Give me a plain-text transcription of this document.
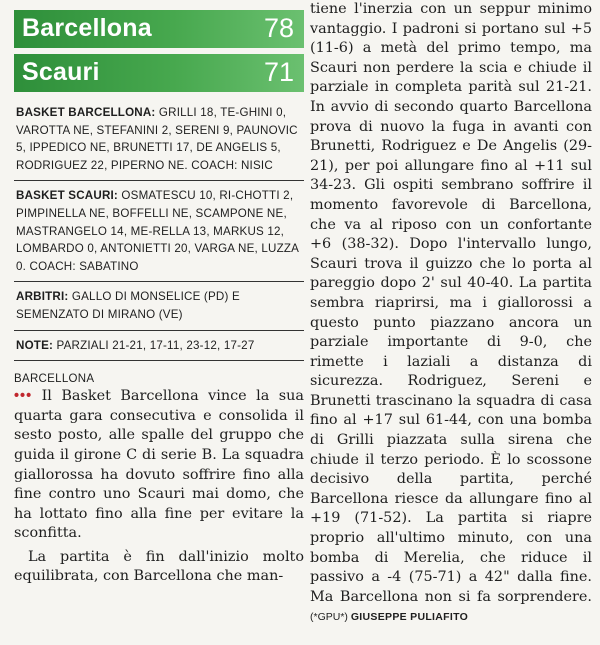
Barcellona	78
Scauri	71
BASKET BARCELLONA: GRILLI 18, TE-GHINI 0, VAROTTA NE, STEFANINI 2, SERENI 9, PAUNOVIC 5, IPPEDICO NE, BRUNETTI 17, DE ANGELIS 5, RODRIGUEZ 22, PIPERNO NE. COACH: NISIC
BASKET SCAURI: OSMATESCU 10, RI-CHOTTI 2, PIMPINELLA NE, BOFFELLI NE, SCAMPONE NE, MASTRANGELO 14, ME-RELLA 13, MARKUS 12, LOMBARDO 0, ANTONIETTI 20, VARGA NE, LUZZA 0. COACH: SABATINO
ARBITRI: GALLO DI MONSELICE (PD) E SEMENZATO DI MIRANO (VE)
NOTE: PARZIALI 21-21, 17-11, 23-12, 17-27
BARCELLONA

••• Il Basket Barcellona vince la sua quarta gara consecutiva e consolida il sesto posto, alle spalle del gruppo che guida il girone C di serie B. La squadra giallorossa ha dovuto soffrire fino alla fine contro uno Scauri mai domo, che ha lottato fino alla fine per evitare la sconfitta.

La partita è fin dall'inizio molto equilibrata, con Barcellona che man-

tiene l'inerzia con un seppur minimo vantaggio. I padroni si portano sul +5 (11-6) a metà del primo tempo, ma Scauri non perdere la scia e chiude il parziale in completa parità sul 21-21. In avvio di secondo quarto Barcellona prova di nuovo la fuga in avanti con Brunetti, Rodriguez e De Angelis (29-21), per poi allungare fino al +11 sul 34-23. Gli ospiti sembrano soffrire il momento favorevole di Barcellona, che va al riposo con un confortante +6 (38-32). Dopo l'intervallo lungo, Scauri trova il guizzo che lo porta al pareggio dopo 2' sul 40-40. La partita sembra riaprirsi, ma i giallorossi a questo punto piazzano ancora un parziale importante di 9-0, che rimette i laziali a distanza di sicurezza. Rodriguez, Sereni e Brunetti trascinano la squadra di casa fino al +17 sul 61-44, con una bomba di Grilli piazzata sulla sirena che chiude il terzo periodo. È lo scossone decisivo della partita, perché Barcellona riesce da allungare fino al +19 (71-52). La partita si riapre proprio all'ultimo minuto, con una bomba di Merelia, che riduce il passivo a -4 (75-71) a 42" dalla fine. Ma Barcellona non si fa sorprendere. (*GPU*) GIUSEPPE PULIAFITO
